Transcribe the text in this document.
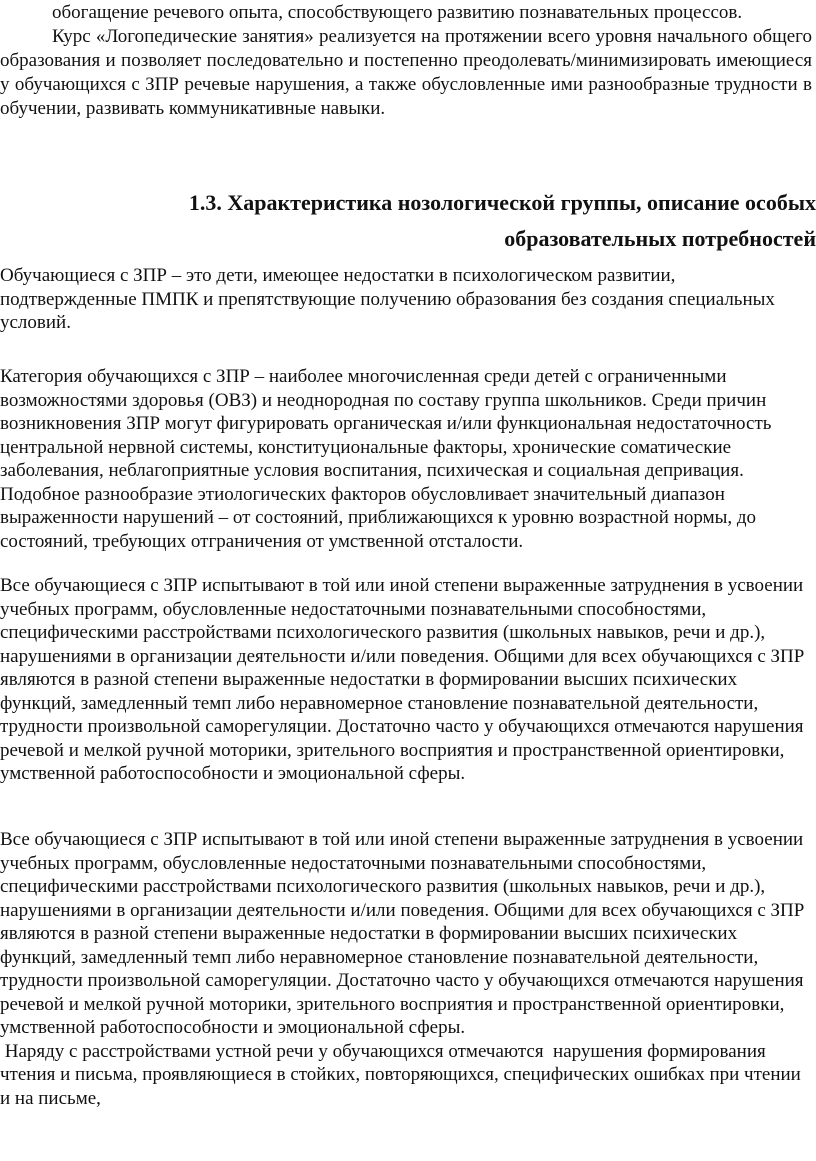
обогащение речевого опыта, способствующего развитию познавательных процессов.

Курс «Логопедические занятия» реализуется на протяжении всего уровня начального общего образования и позволяет последовательно и постепенно преодолевать/минимизировать имеющиеся у обучающихся с ЗПР речевые нарушения, а также обусловленные ими разнообразные трудности в обучении, развивать коммуникативные навыки.

1.3. Характеристика нозологической группы, описание особых
образовательных потребностей

Обучающиеся с ЗПР – это дети, имеющее недостатки в психологическом развитии, подтвержденные ПМПК и препятствующие получению образования без создания специальных условий.

Категория обучающихся с ЗПР – наиболее многочисленная среди детей с ограниченными возможностями здоровья (ОВЗ) и неоднородная по составу группа школьников. Среди причин возникновения ЗПР могут фигурировать органическая и/или функциональная недостаточность центральной нервной системы, конституциональные факторы, хронические соматические заболевания, неблагоприятные условия воспитания, психическая и социальная депривация. Подобное разнообразие этиологических факторов обусловливает значительный диапазон выраженности нарушений – от состояний, приближающихся к уровню возрастной нормы, до состояний, требующих отграничения от умственной отсталости.

Все обучающиеся с ЗПР испытывают в той или иной степени выраженные затруднения в усвоении учебных программ, обусловленные недостаточными познавательными способностями, специфическими расстройствами психологического развития (школьных навыков, речи и др.), нарушениями в организации деятельности и/или поведения. Общими для всех обучающихся с ЗПР являются в разной степени выраженные недостатки в формировании высших психических функций, замедленный темп либо неравномерное становление познавательной деятельности, трудности произвольной саморегуляции. Достаточно часто у обучающихся отмечаются нарушения речевой и мелкой ручной моторики, зрительного восприятия и пространственной ориентировки, умственной работоспособности и эмоциональной сферы.

Все обучающиеся с ЗПР испытывают в той или иной степени выраженные затруднения в усвоении учебных программ, обусловленные недостаточными познавательными способностями, специфическими расстройствами психологического развития (школьных навыков, речи и др.), нарушениями в организации деятельности и/или поведения. Общими для всех обучающихся с ЗПР являются в разной степени выраженные недостатки в формировании высших психических функций, замедленный темп либо неравномерное становление познавательной деятельности, трудности произвольной саморегуляции. Достаточно часто у обучающихся отмечаются нарушения речевой и мелкой ручной моторики, зрительного восприятия и пространственной ориентировки, умственной работоспособности и эмоциональной сферы.
Наряду с расстройствами устной речи у обучающихся отмечаются  нарушения формирования чтения и письма, проявляющиеся в стойких, повторяющихся, специфических ошибках при чтении и на письме,
